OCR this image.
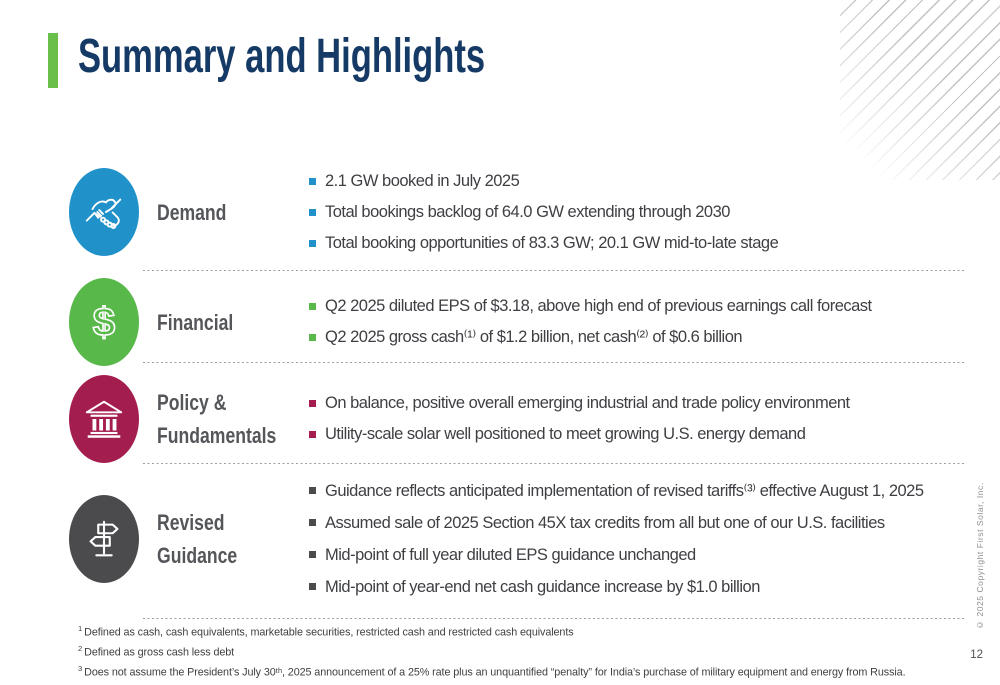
Summary and Highlights
Demand
2.1 GW booked in July 2025
Total bookings backlog of 64.0 GW extending through 2030
Total booking opportunities of 83.3 GW; 20.1 GW mid-to-late stage
$ Financial
Q2 2025 diluted EPS of $3.18, above high end of previous earnings call forecast
Q2 2025 gross cash⁽¹⁾ of $1.2 billion, net cash⁽²⁾ of $0.6 billion
Policy &
Fundamentals
On balance, positive overall emerging industrial and trade policy environment
Utility-scale solar well positioned to meet growing U.S. energy demand
Revised
Guidance
Guidance reflects anticipated implementation of revised tariffs⁽³⁾ effective August 1, 2025
Assumed sale of 2025 Section 45X tax credits from all but one of our U.S. facilities
Mid-point of full year diluted EPS guidance unchanged
Mid-point of year-end net cash guidance increase by $1.0 billion
$^1$ Defined as cash, cash equivalents, marketable securities, restricted cash and restricted cash equivalents
$^2$ Defined as gross cash less debt
$^3$ Does not assume the President’s July 30ᵗʰ, 2025 announcement of a 25% rate plus an unquantified “penalty” for India’s purchase of military equipment and energy from Russia.
© 2025 Copyright First Solar, Inc.
12
